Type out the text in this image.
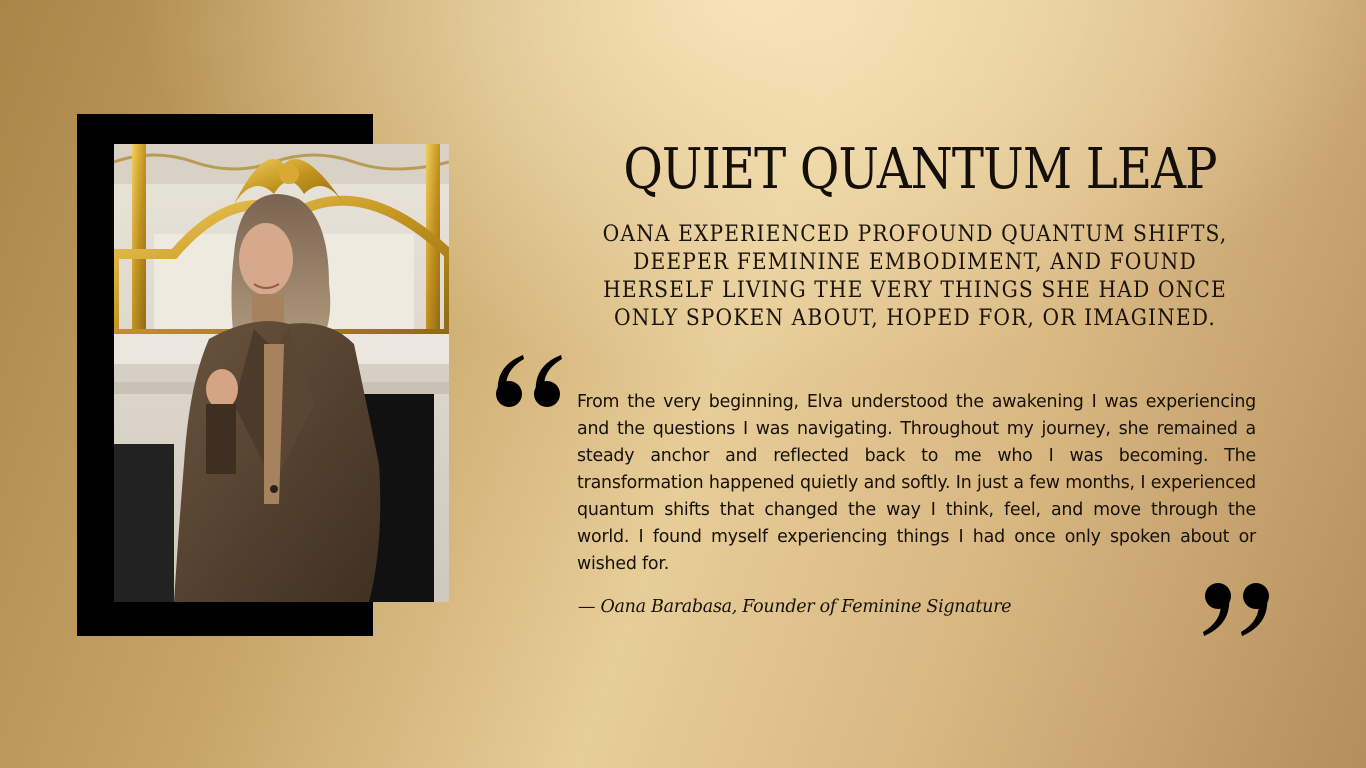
QUIET QUANTUM LEAP
OANA EXPERIENCED PROFOUND QUANTUM SHIFTS,
DEEPER FEMININE EMBODIMENT, AND FOUND
HERSELF LIVING THE VERY THINGS SHE HAD ONCE
ONLY SPOKEN ABOUT, HOPED FOR, OR IMAGINED.
From the very beginning, Elva understood the awakening I was experiencing and the questions I was navigating. Throughout my journey, she remained a steady anchor and reflected back to me who I was becoming. The transformation happened quietly and softly. In just a few months, I experienced quantum shifts that changed the way I think, feel, and move through the world. I found myself experiencing things I had once only spoken about or wished for.
— Oana Barabasa, Founder of Feminine Signature
